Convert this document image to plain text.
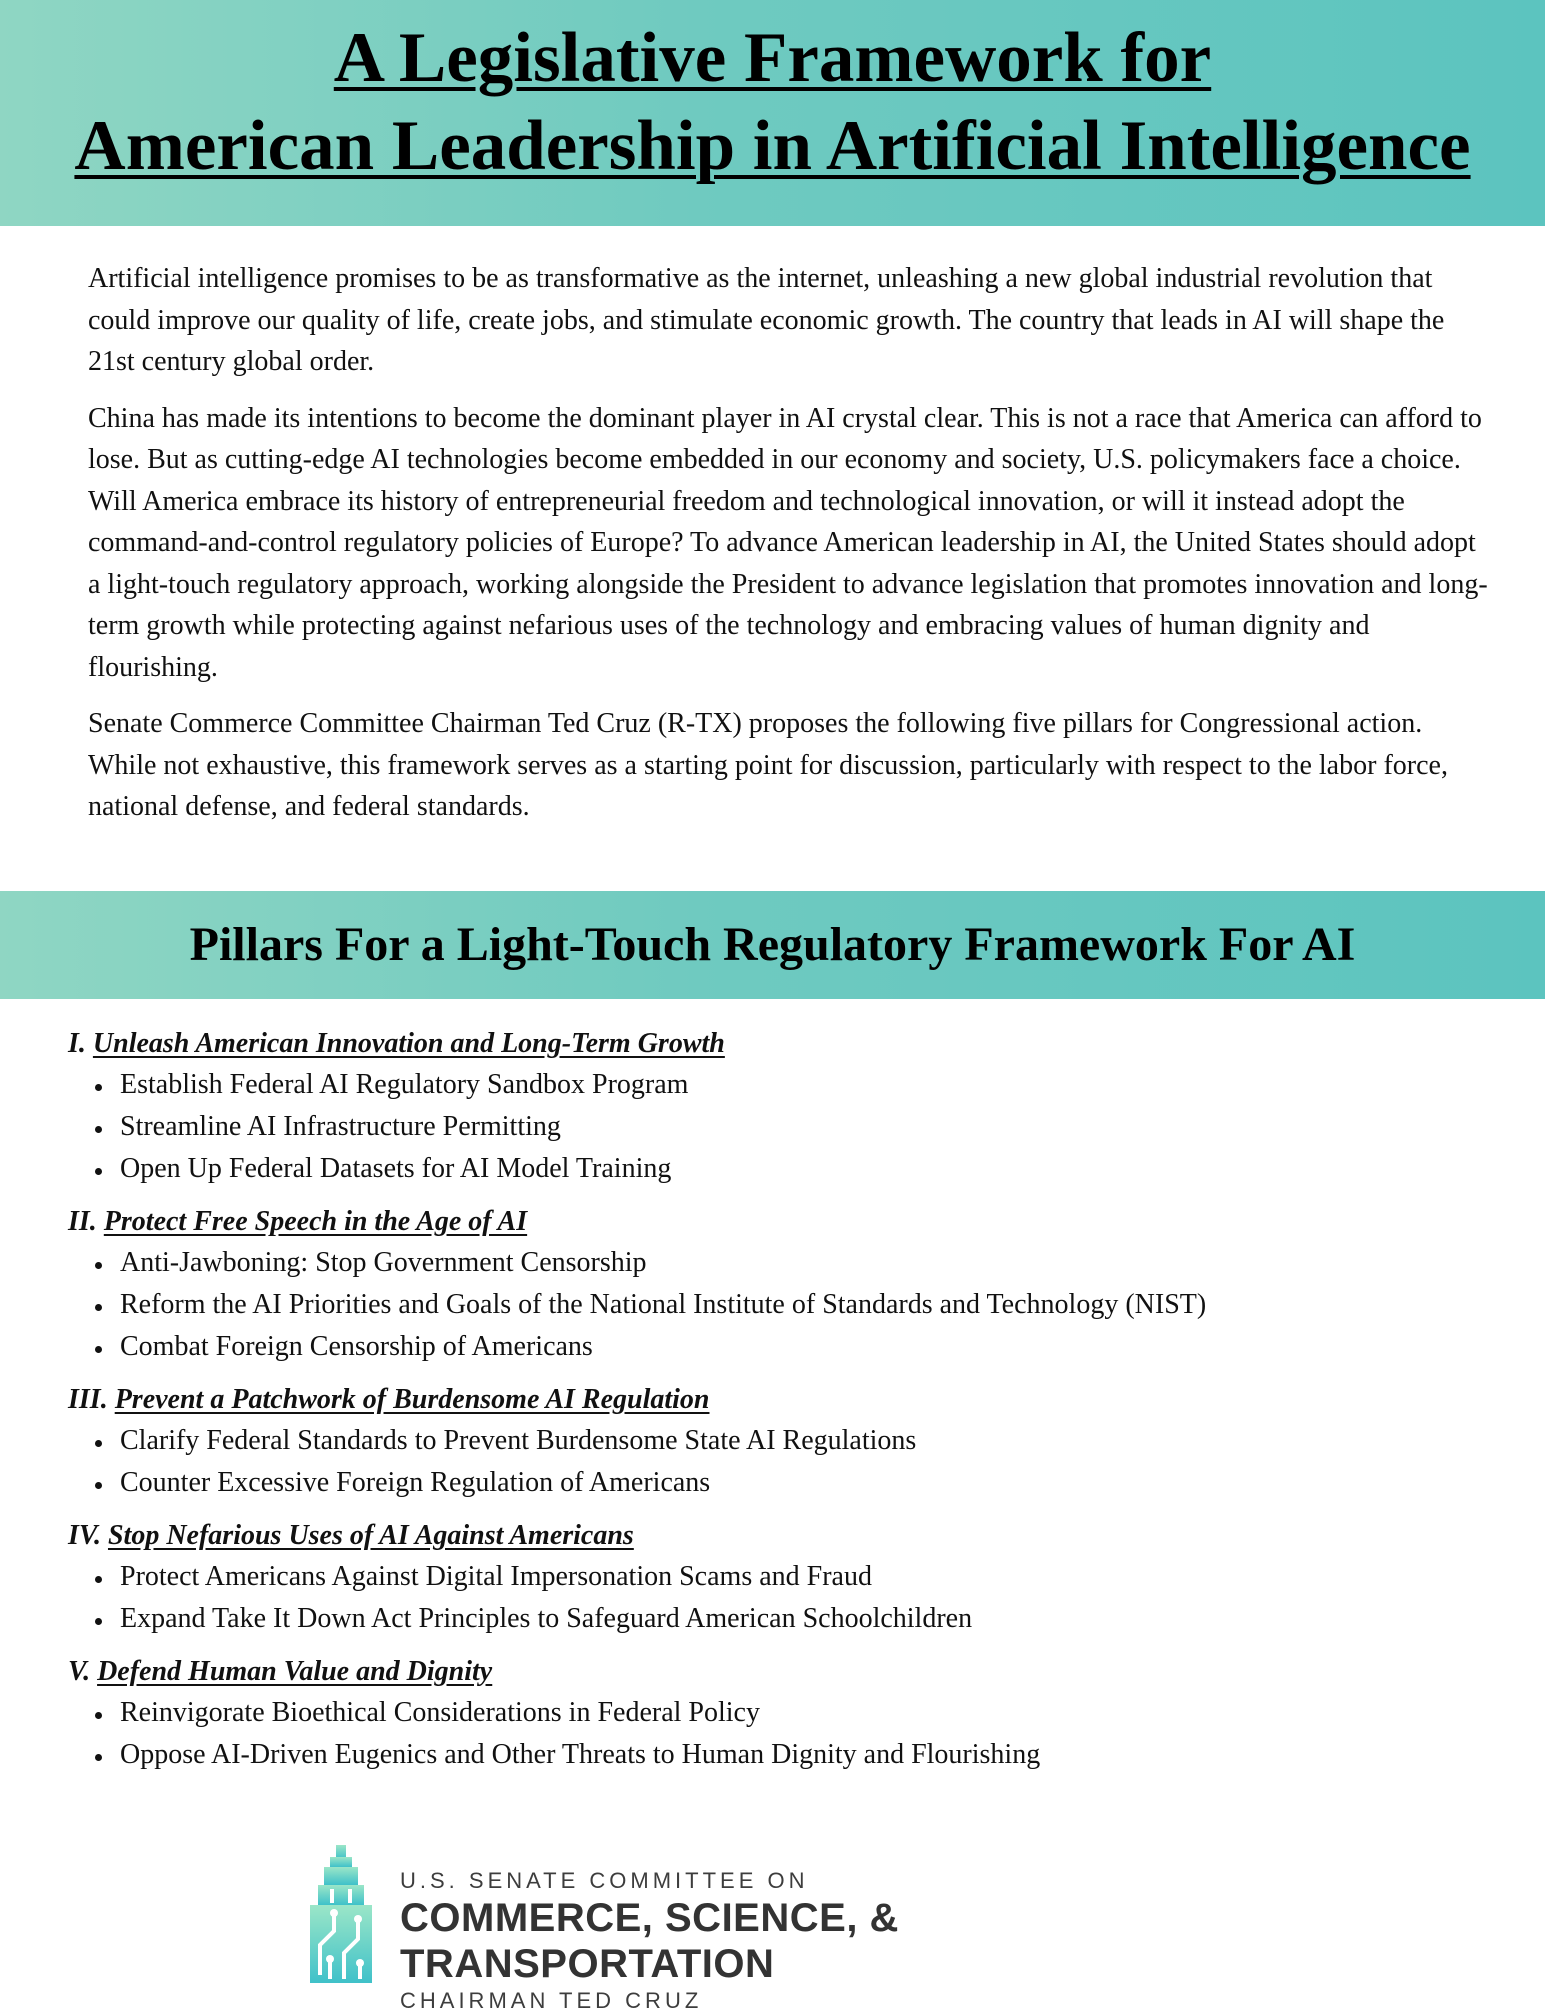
A Legislative Framework for
American Leadership in Artificial Intelligence

Artificial intelligence promises to be as transformative as the internet, unleashing a new global industrial revolution that could improve our quality of life, create jobs, and stimulate economic growth. The country that leads in AI will shape the 21st century global order.

China has made its intentions to become the dominant player in AI crystal clear. This is not a race that America can afford to lose. But as cutting-edge AI technologies become embedded in our economy and society, U.S. policymakers face a choice. Will America embrace its history of entrepreneurial freedom and technological innovation, or will it instead adopt the command-and-control regulatory policies of Europe? To advance American leadership in AI, the United States should adopt a light-touch regulatory approach, working alongside the President to advance legislation that promotes innovation and long-term growth while protecting against nefarious uses of the technology and embracing values of human dignity and flourishing.

Senate Commerce Committee Chairman Ted Cruz (R-TX) proposes the following five pillars for Congressional action. While not exhaustive, this framework serves as a starting point for discussion, particularly with respect to the labor force, national defense, and federal standards.

Pillars For a Light-Touch Regulatory Framework For AI
I. Unleash American Innovation and Long-Term Growth
Establish Federal AI Regulatory Sandbox Program
Streamline AI Infrastructure Permitting
Open Up Federal Datasets for AI Model Training
II. Protect Free Speech in the Age of AI
Anti-Jawboning: Stop Government Censorship
Reform the AI Priorities and Goals of the National Institute of Standards and Technology (NIST)
Combat Foreign Censorship of Americans
III. Prevent a Patchwork of Burdensome AI Regulation
Clarify Federal Standards to Prevent Burdensome State AI Regulations
Counter Excessive Foreign Regulation of Americans
IV. Stop Nefarious Uses of AI Against Americans
Protect Americans Against Digital Impersonation Scams and Fraud
Expand Take It Down Act Principles to Safeguard American Schoolchildren
V. Defend Human Value and Dignity
Reinvigorate Bioethical Considerations in Federal Policy
Oppose AI-Driven Eugenics and Other Threats to Human Dignity and Flourishing
U.S. SENATE COMMITTEE ON
COMMERCE, SCIENCE, & TRANSPORTATION
CHAIRMAN TED CRUZ
